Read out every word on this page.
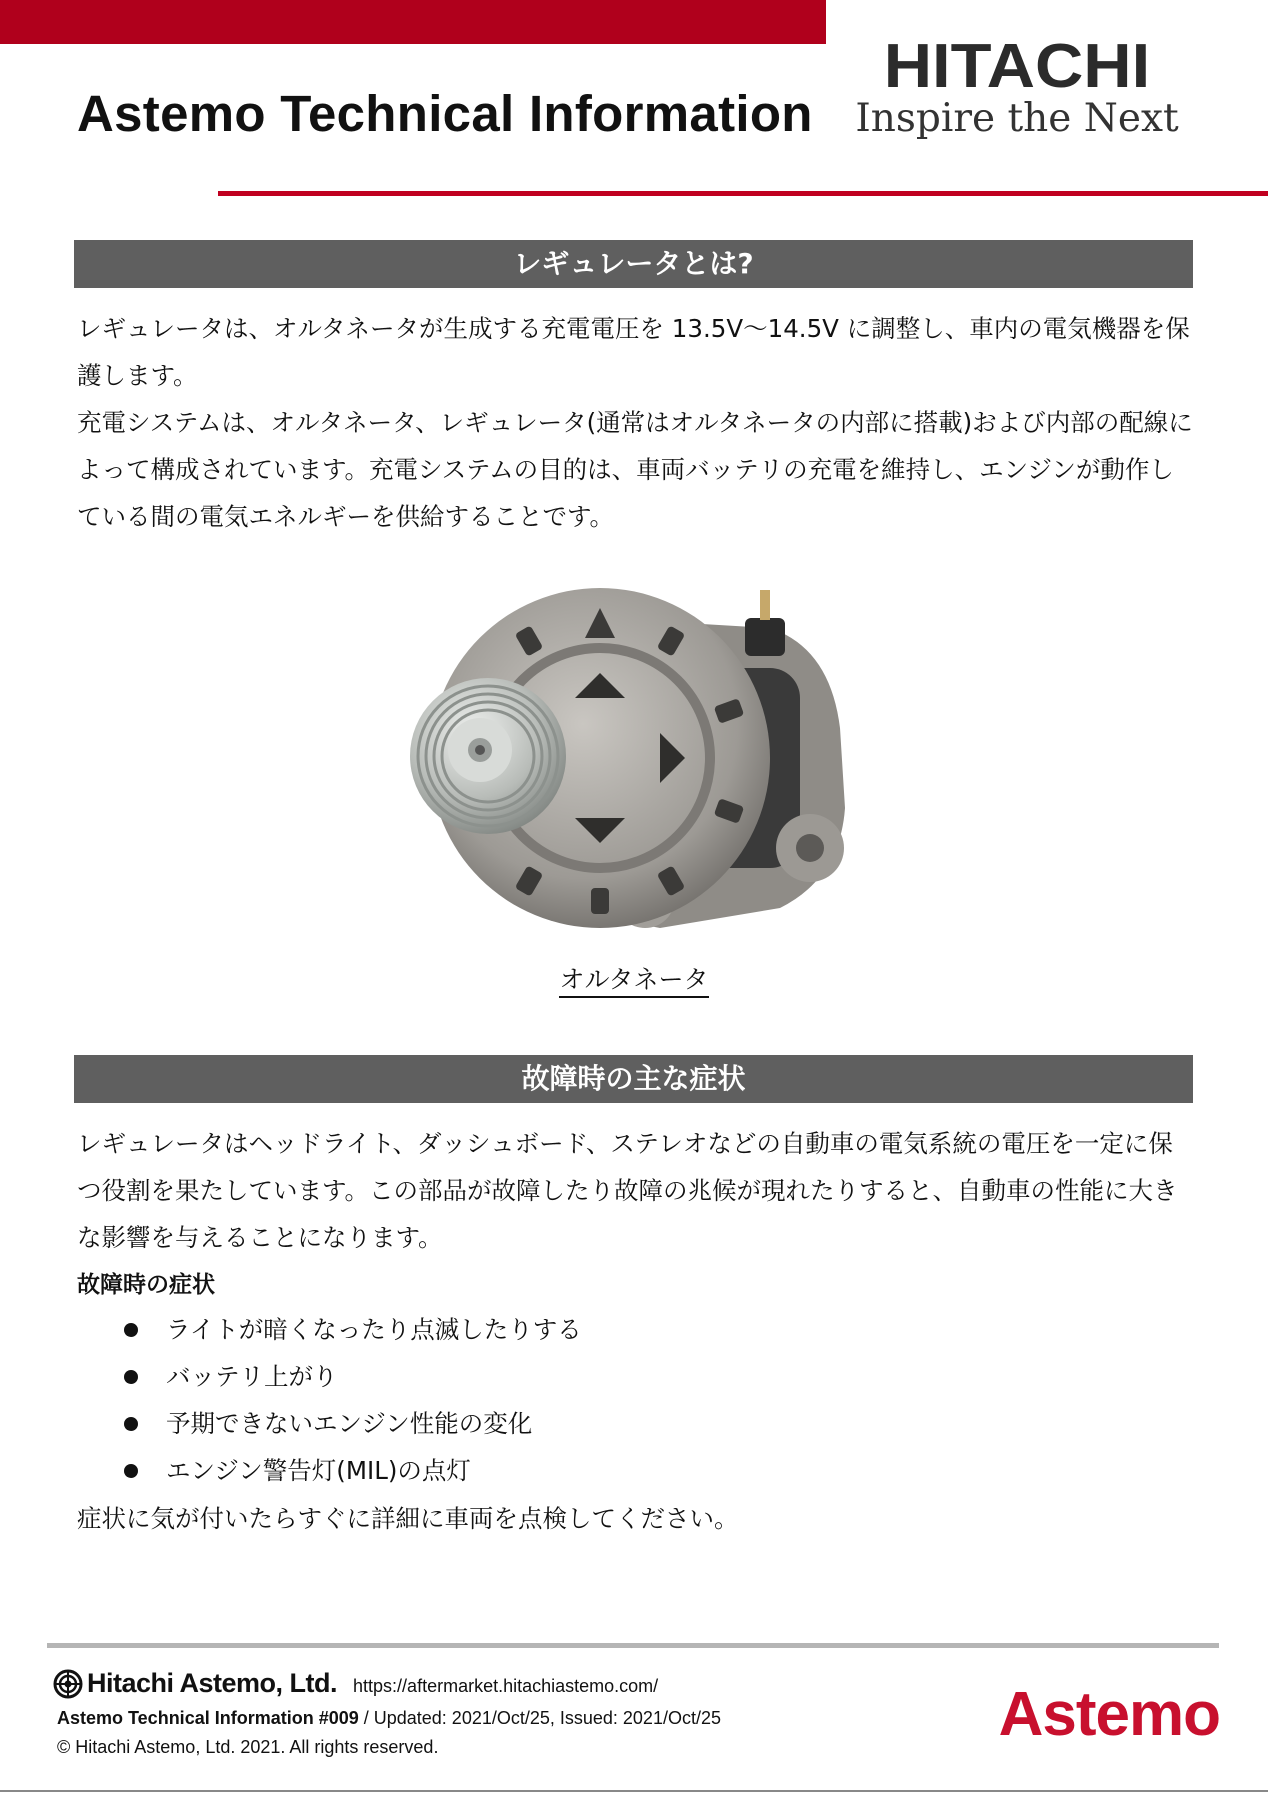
Astemo Technical Information
HITACHI
Inspire the Next
レギュレータとは?

レギュレータは、オルタネータが生成する充電電圧を 13.5V～14.5V に調整し、車内の電気機器を保護します。

充電システムは、オルタネータ、レギュレータ(通常はオルタネータの内部に搭載)および内部の配線によって構成されています。充電システムの目的は、車両バッテリの充電を維持し、エンジンが動作している間の電気エネルギーを供給することです。

オルタネータ
故障時の主な症状

レギュレータはヘッドライト、ダッシュボード、ステレオなどの自動車の電気系統の電圧を一定に保つ役割を果たしています。この部品が故障したり故障の兆候が現れたりすると、自動車の性能に大きな影響を与えることになります。

故障時の症状
ライトが暗くなったり点滅したりする
バッテリ上がり
予期できないエンジン性能の変化
エンジン警告灯(MIL)の点灯

症状に気が付いたらすぐに詳細に車両を点検してください。

Hitachi Astemo, Ltd. https://aftermarket.hitachiastemo.com/
Astemo Technical Information #009 / Updated: 2021/Oct/25, Issued: 2021/Oct/25
© Hitachi Astemo, Ltd. 2021. All rights reserved.	Astemo
